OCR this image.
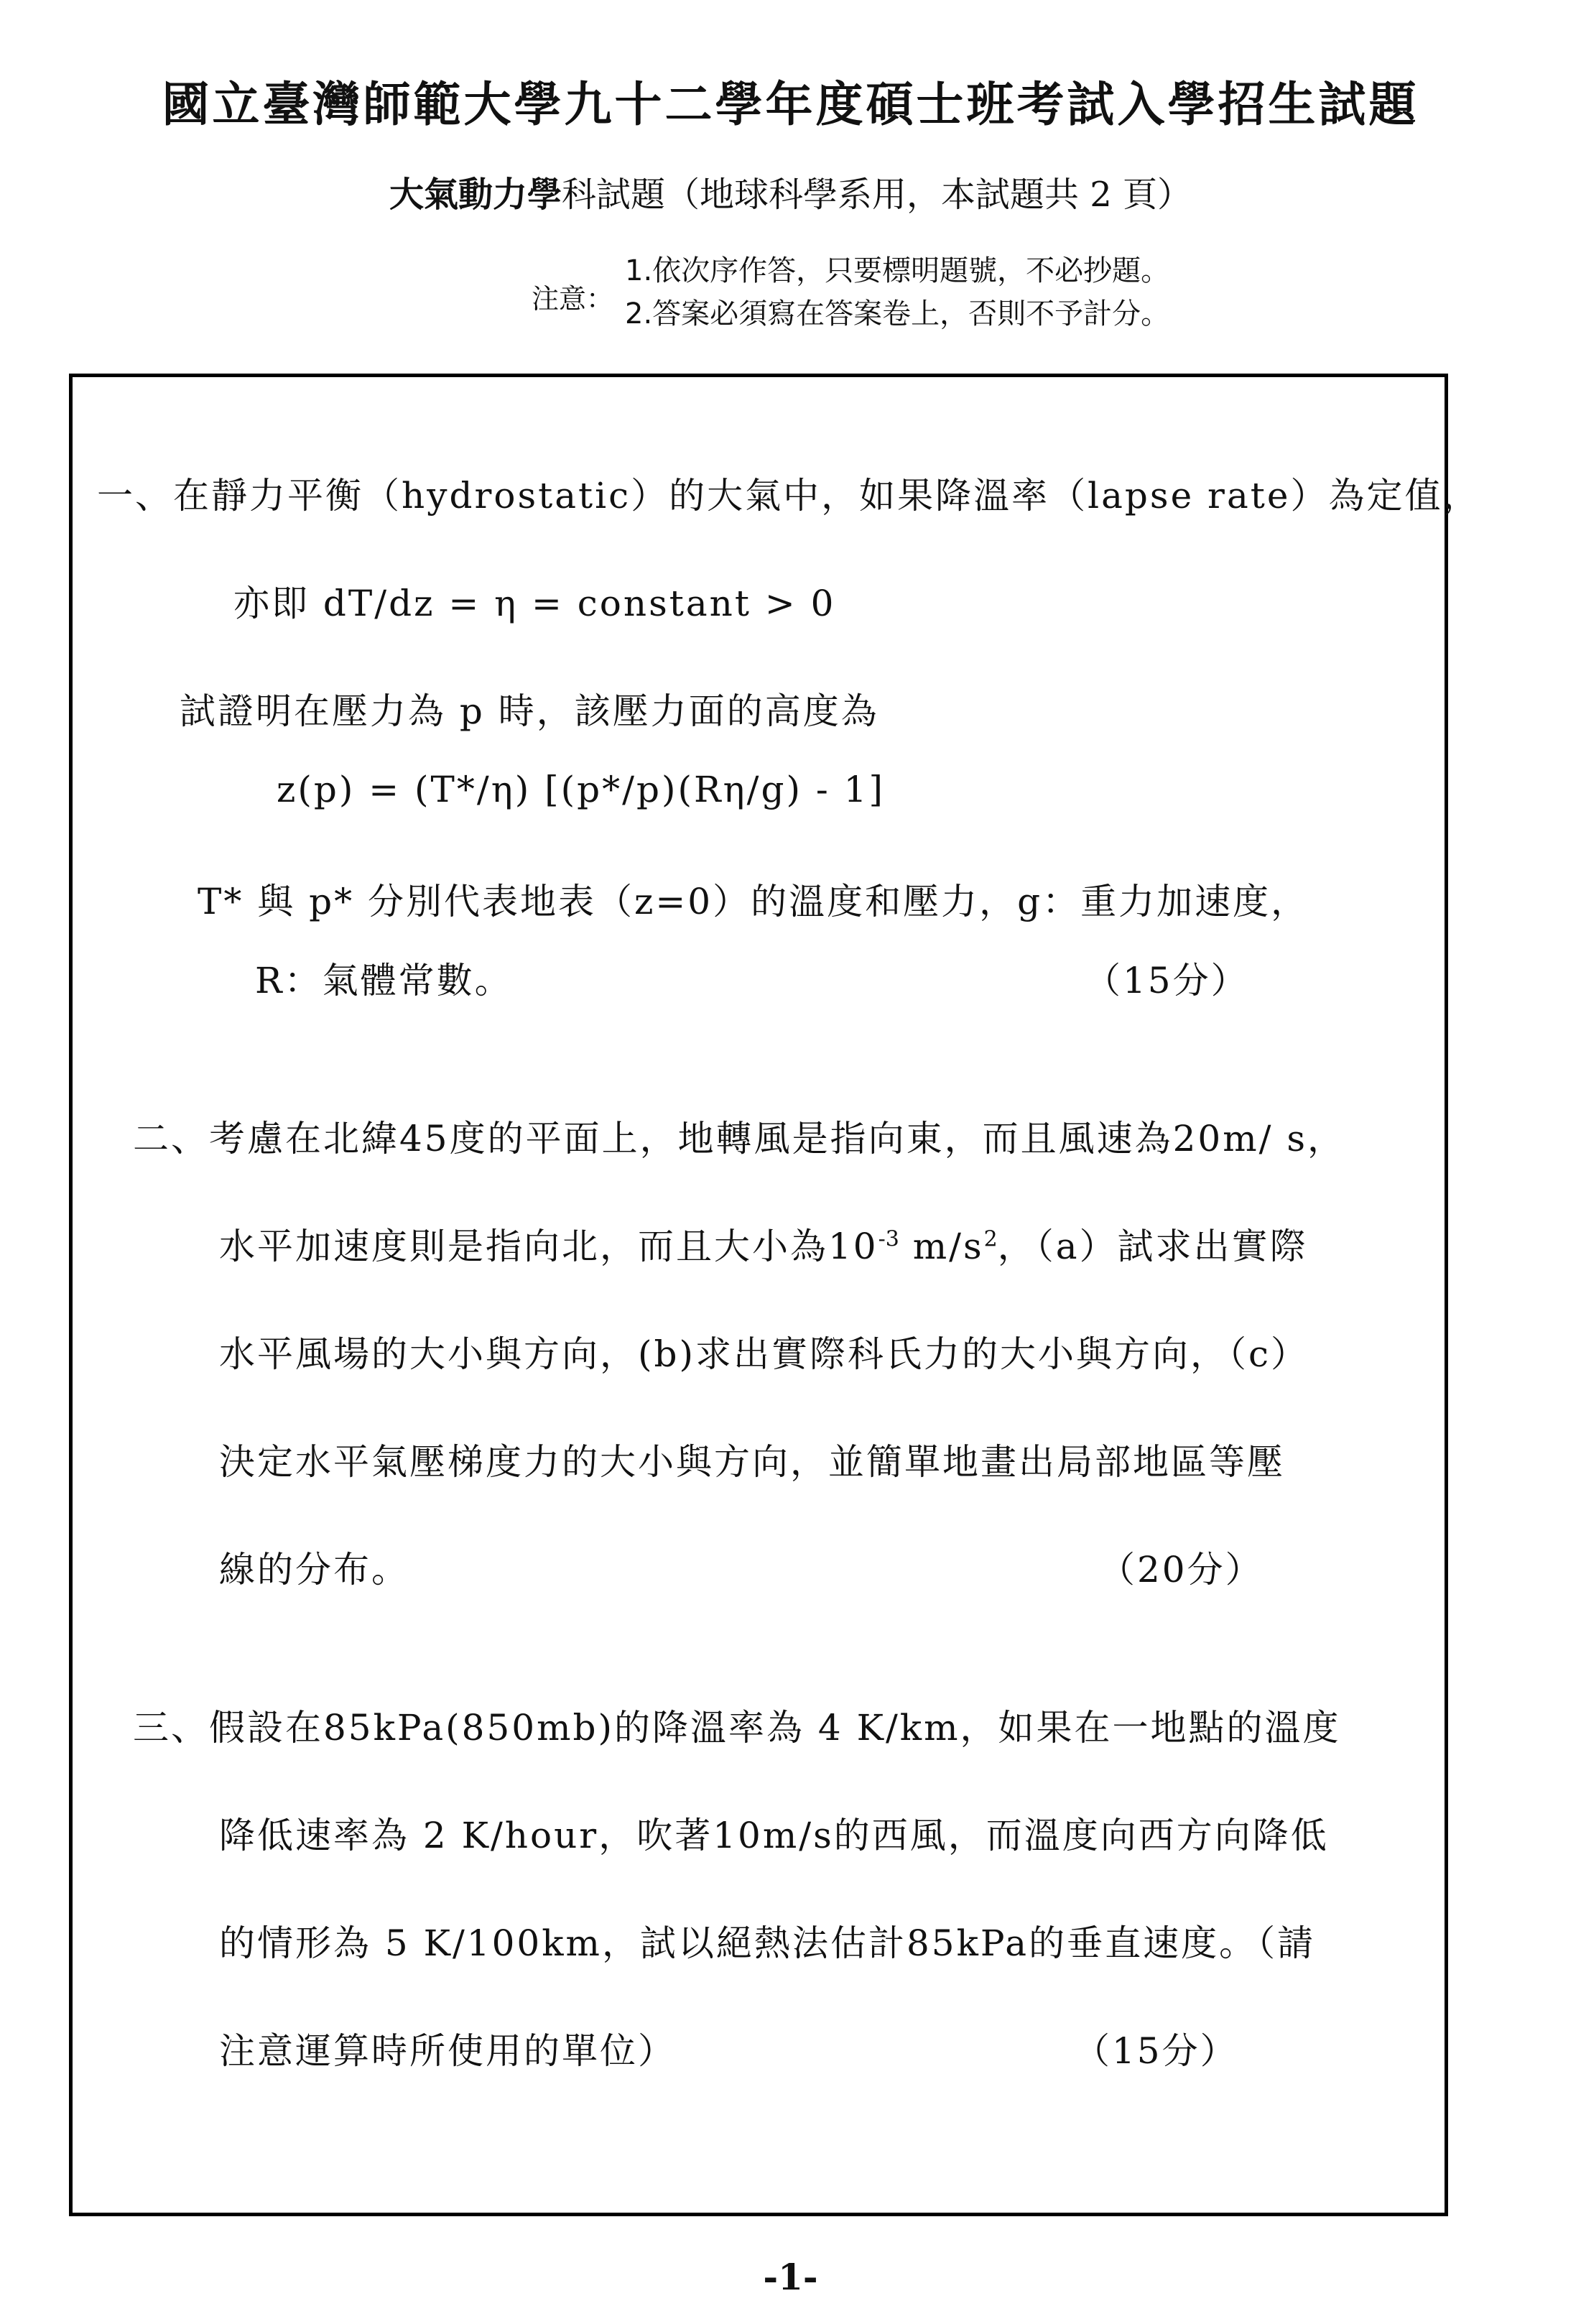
國立臺灣師範大學九十二學年度碩士班考試入學招生試題
大氣動力學科試題（地球科學系用，本試題共 2 頁）
注意：
1.依次序作答，只要標明題號，不必抄題。
2.答案必須寫在答案卷上，否則不予計分。
一、在靜力平衡（hydrostatic）的大氣中，如果降溫率（lapse rate）為定值，
亦即 dT/dz = η = constant > 0
試證明在壓力為 p 時，該壓力面的高度為
z(p) = (T*/η) [(p*/p)(Rη/g) - 1]
T* 與 p* 分別代表地表（z=0）的溫度和壓力，g：重力加速度，
R：氣體常數。	（15分）
二、考慮在北緯45度的平面上，地轉風是指向東，而且風速為20m/ s，
水平加速度則是指向北，而且大小為$10^{-3}$ $m/s^2$，（a）試求出實際
水平風場的大小與方向，(b)求出實際科氏力的大小與方向，（c）
決定水平氣壓梯度力的大小與方向，並簡單地畫出局部地區等壓
線的分布。	（20分）
三、假設在85kPa(850mb)的降溫率為 4 K/km，如果在一地點的溫度
降低速率為 2 K/hour，吹著10m/s的西風，而溫度向西方向降低
的情形為 5 K/100km，試以絕熱法估計85kPa的垂直速度。（請
注意運算時所使用的單位）	（15分）
-1-
